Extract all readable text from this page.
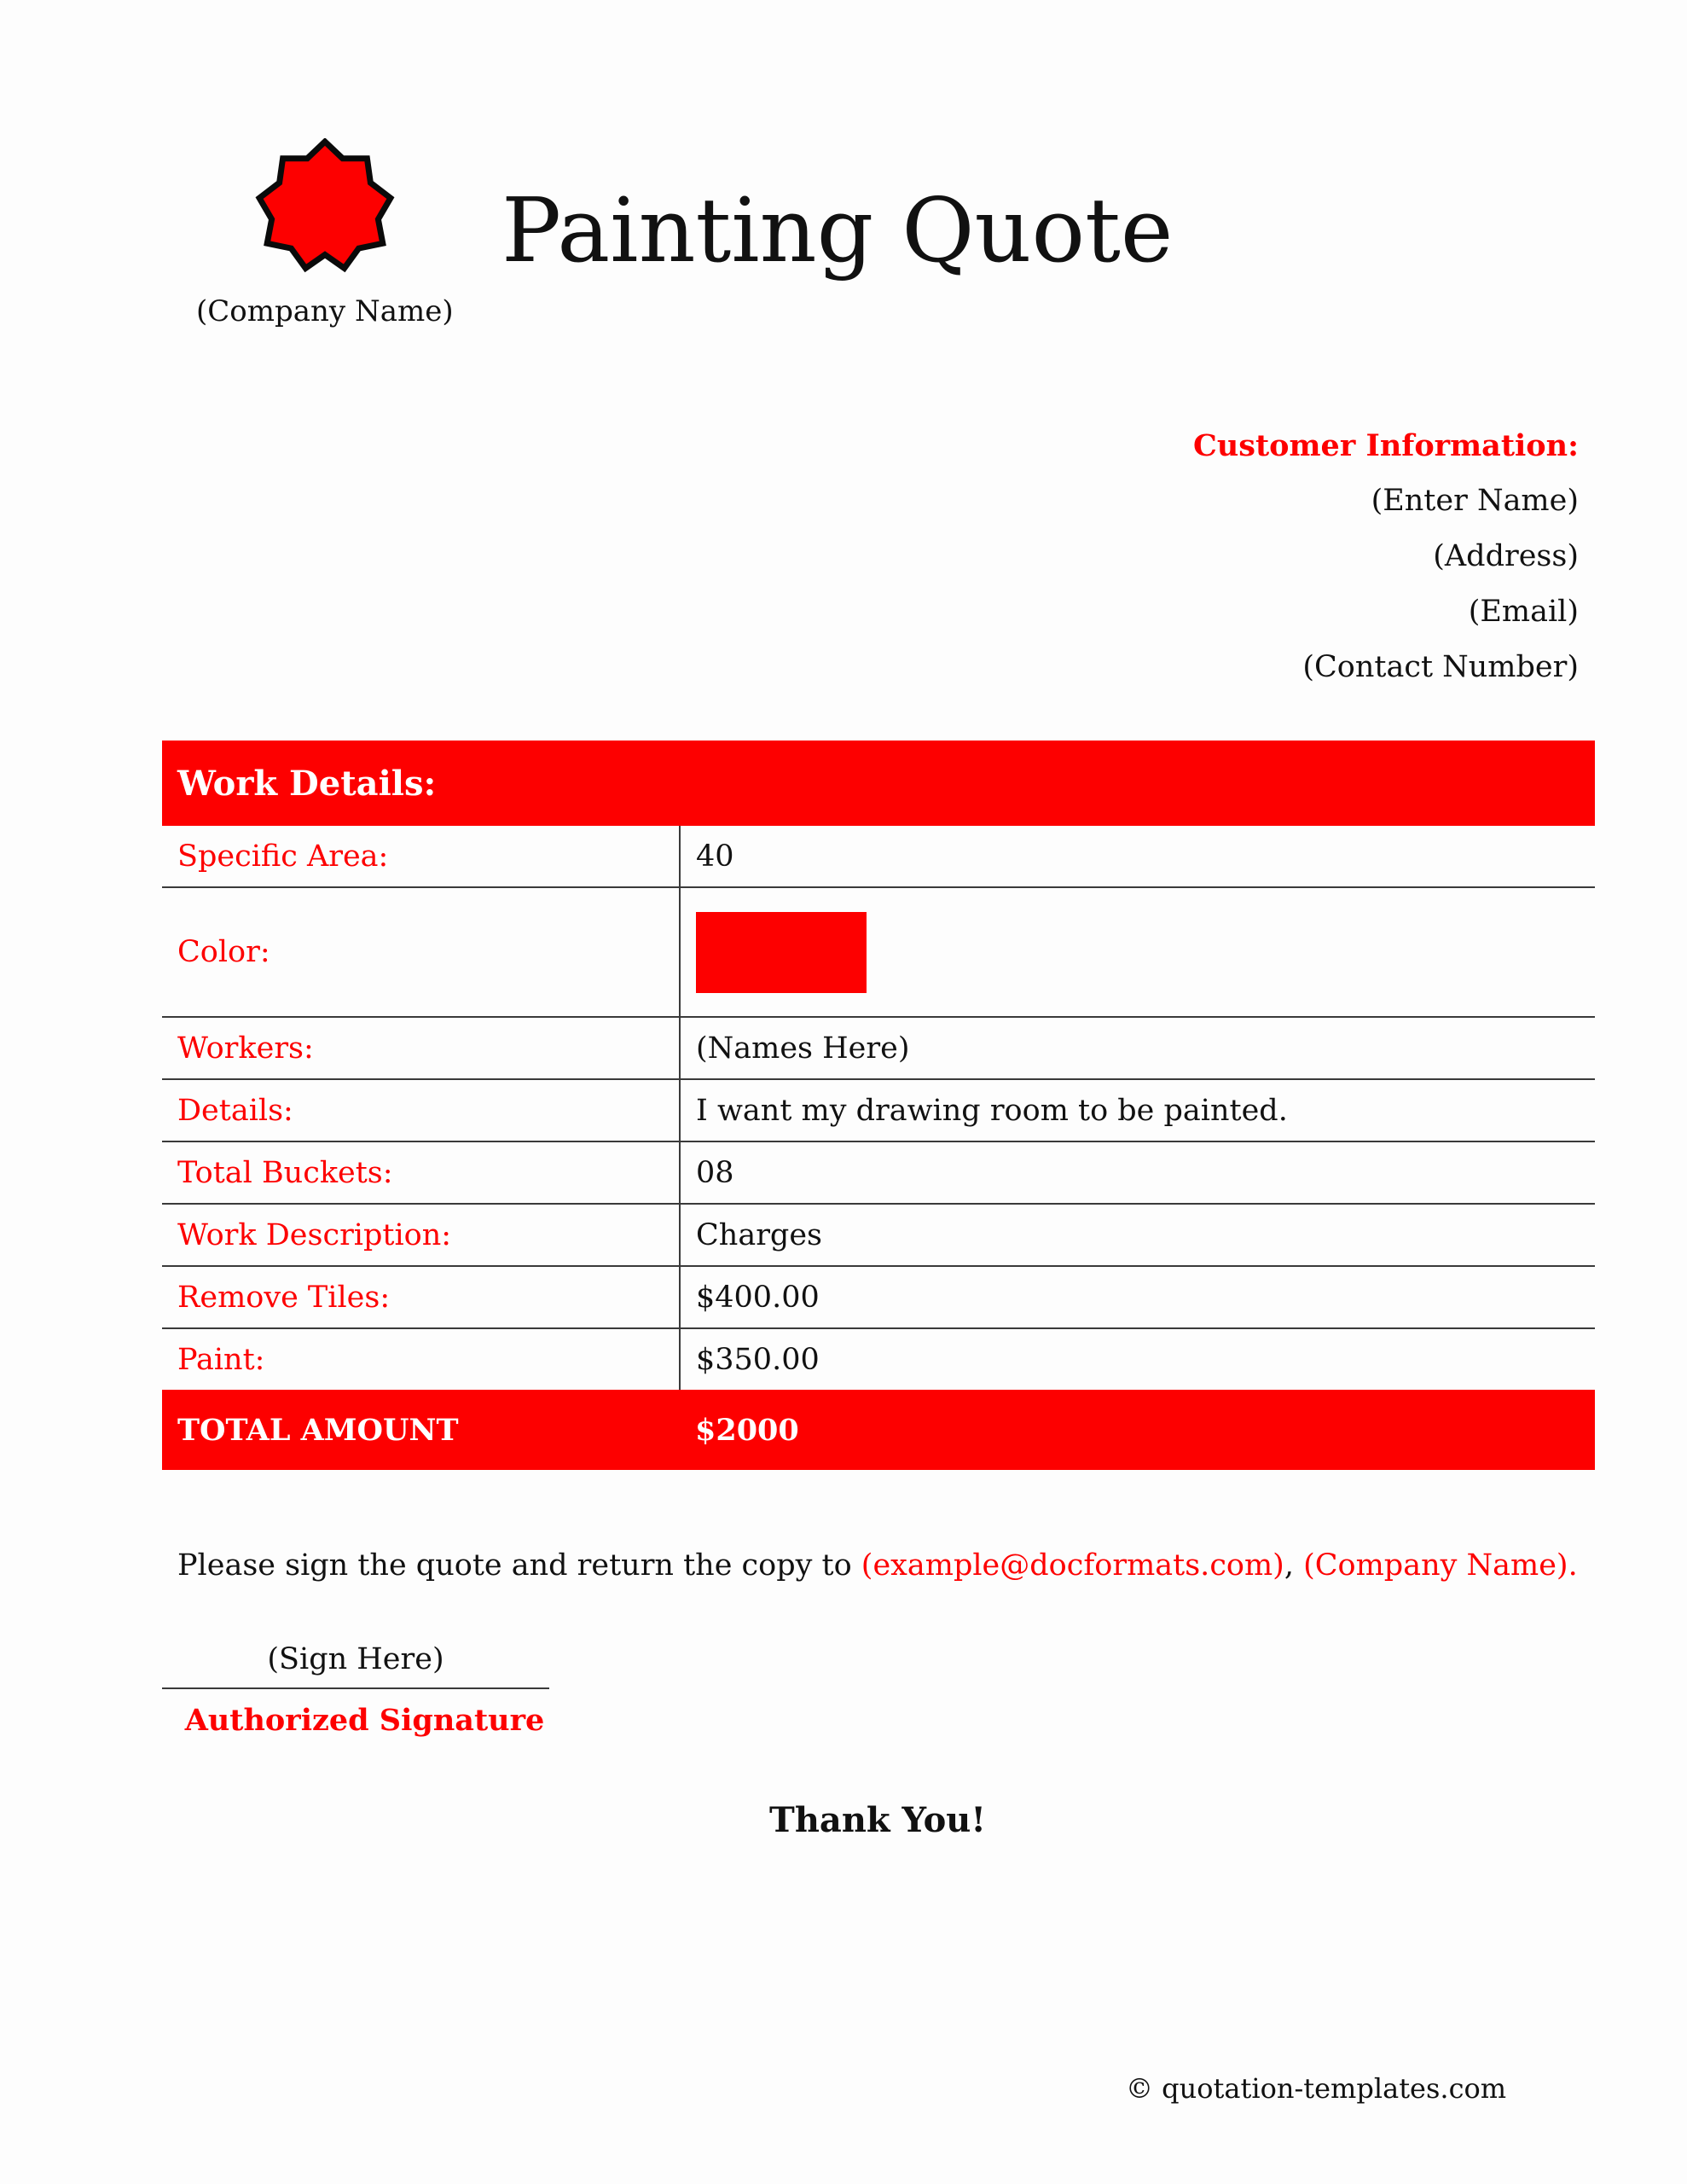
(Company Name)
Painting Quote
Customer Information:
(Enter Name)
(Address)
(Email)
(Contact Number)
Work Details:	
Specific Area:	40
Color:	
Workers:	(Names Here)
Details:	I want my drawing room to be painted.
Total Buckets:	08
Work Description:	Charges
Remove Tiles:	$400.00
Paint:	$350.00
TOTAL AMOUNT	$2000
Please sign the quote and return the copy to (example@docformats.com), (Company Name).
(Sign Here)
Authorized Signature
Thank You!
© quotation-templates.com
